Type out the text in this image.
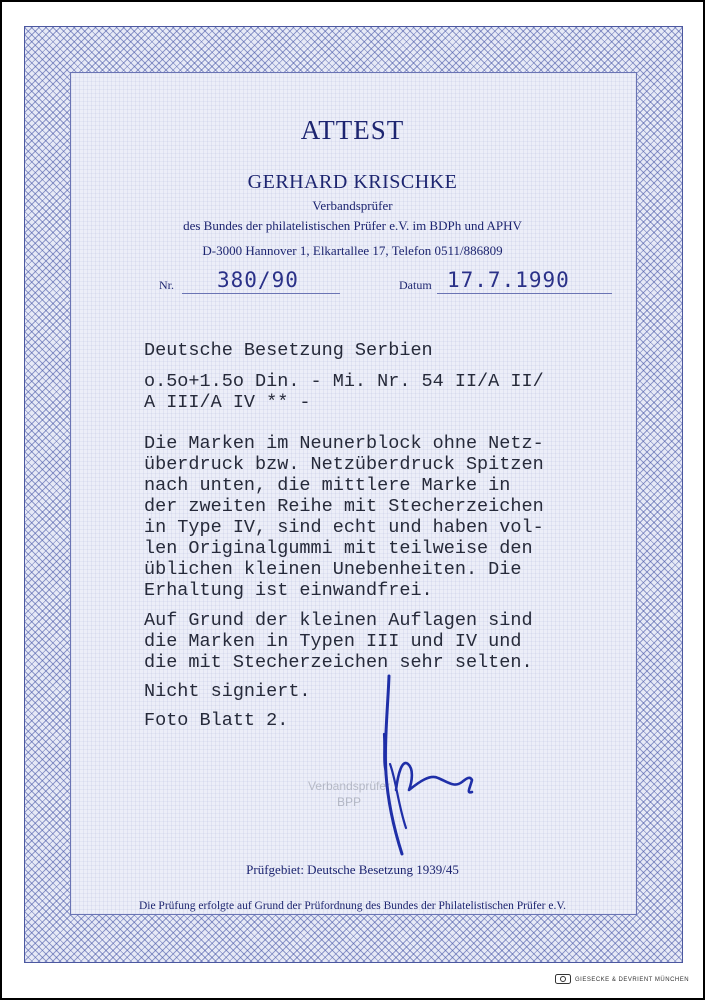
ATTEST
GERHARD KRISCHKE
Verbandsprüfer
des Bundes der philatelistischen Prüfer e.V. im BDPh und APHV
D-3000 Hannover 1, Elkartallee 17, Telefon 0511/886809
Nr. 380/90	Datum 17.7.1990
Deutsche Besetzung Serbien
o.5o+1.5o Din. - Mi. Nr. 54 II/A II/
A III/A IV ** -
Die Marken im Neunerblock ohne Netz-
überdruck bzw. Netzüberdruck Spitzen
nach unten, die mittlere Marke in
der zweiten Reihe mit Stecherzeichen
in Type IV, sind echt und haben vol-
len Originalgummi mit teilweise den
üblichen kleinen Unebenheiten. Die
Erhaltung ist einwandfrei.
Auf Grund der kleinen Auflagen sind
die Marken in Typen III und IV und
die mit Stecherzeichen sehr selten.
Nicht signiert.
Foto Blatt 2.
Verbandsprüfer
BPP
Prüfgebiet: Deutsche Besetzung 1939/45
Die Prüfung erfolgte auf Grund der Prüfordnung des Bundes der Philatelistischen Prüfer e.V.
GIESECKE & DEVRIENT MÜNCHEN
